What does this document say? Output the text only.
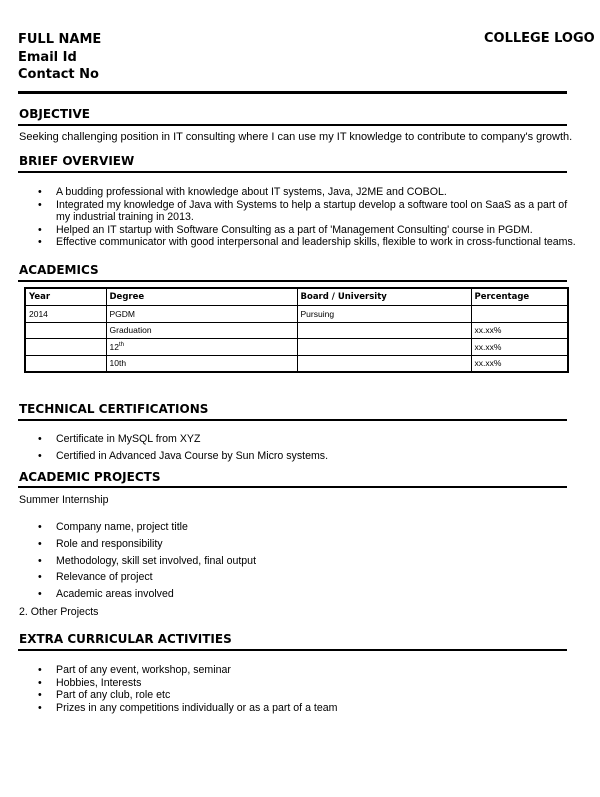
FULL NAME
Email Id
Contact No
COLLEGE LOGO
OBJECTIVE
Seeking challenging position in IT consulting where I can use my IT knowledge to contribute to company's growth.
BRIEF OVERVIEW
• A budding professional with knowledge about IT systems, Java, J2ME and COBOL.
• Integrated my knowledge of Java with Systems to help a startup develop a software tool on SaaS as a part of my industrial training in 2013.
• Helped an IT startup with Software Consulting as a part of 'Management Consulting' course in PGDM.
• Effective communicator with good interpersonal and leadership skills, flexible to work in cross-functional teams.
ACADEMICS
Year	Degree	Board / University	Percentage
2014	PGDM	Pursuing	
	Graduation		xx.xx%
	12th		xx.xx%
	10th		xx.xx%
TECHNICAL CERTIFICATIONS
• Certificate in MySQL from XYZ
• Certified in Advanced Java Course by Sun Micro systems.
ACADEMIC PROJECTS
Summer Internship
• Company name, project title
• Role and responsibility
• Methodology, skill set involved, final output
• Relevance of project
• Academic areas involved
2. Other Projects
EXTRA CURRICULAR ACTIVITIES
• Part of any event, workshop, seminar
• Hobbies, Interests
• Part of any club, role etc
• Prizes in any competitions individually or as a part of a team
